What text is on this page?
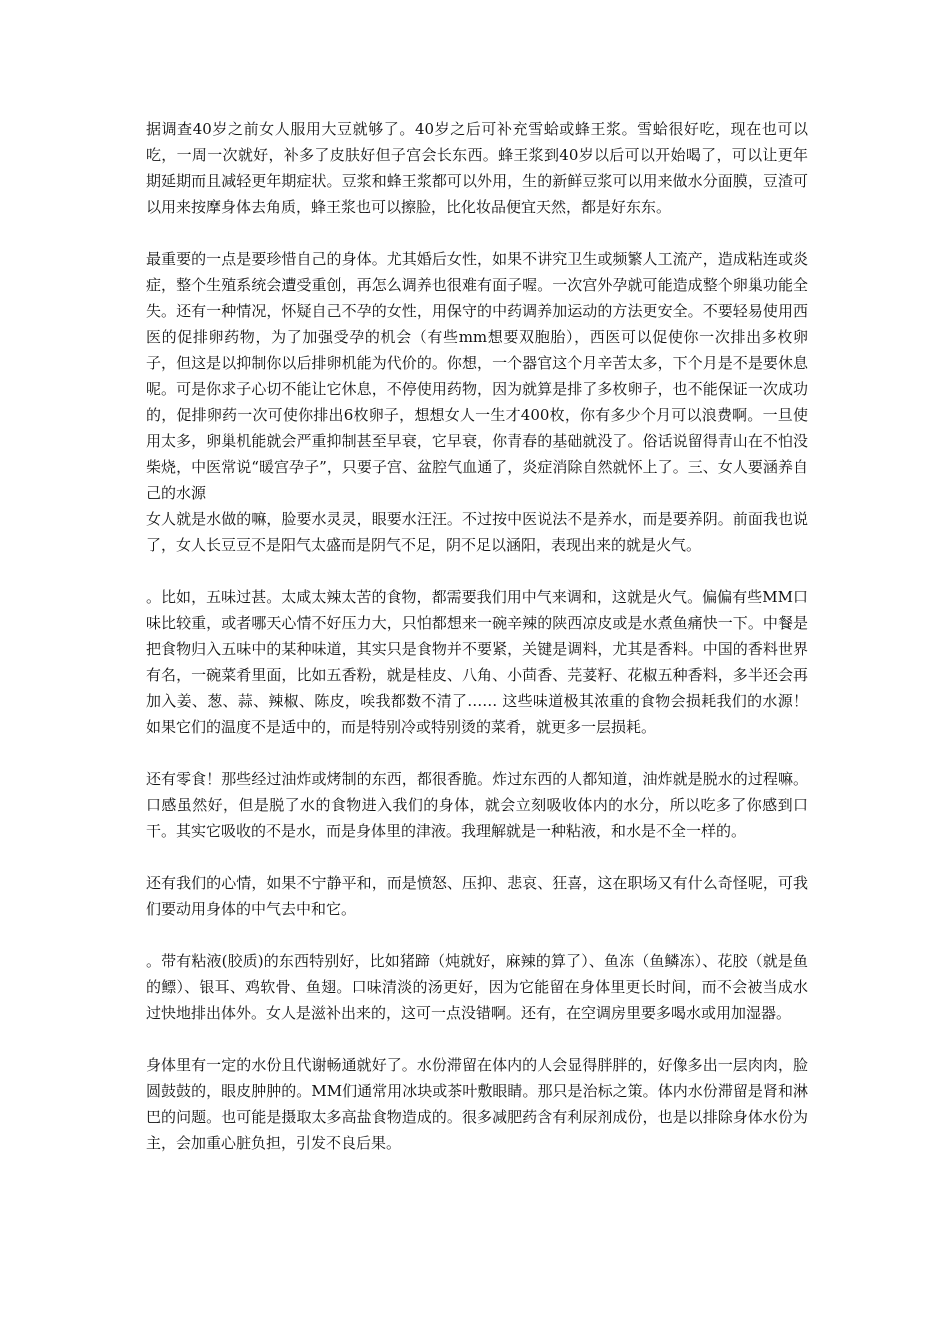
据调查40岁之前女人服用大豆就够了。40岁之后可补充雪蛤或蜂王浆。雪蛤很好吃，现在也可以吃，一周一次就好，补多了皮肤好但子宫会长东西。蜂王浆到40岁以后可以开始喝了，可以让更年期延期而且减轻更年期症状。豆浆和蜂王浆都可以外用，生的新鲜豆浆可以用来做水分面膜，豆渣可以用来按摩身体去角质，蜂王浆也可以擦脸，比化妆品便宜天然，都是好东东。

最重要的一点是要珍惜自己的身体。尤其婚后女性，如果不讲究卫生或频繁人工流产，造成粘连或炎症，整个生殖系统会遭受重创，再怎么调养也很难有面子喔。一次宫外孕就可能造成整个卵巢功能全失。还有一种情况，怀疑自己不孕的女性，用保守的中药调养加运动的方法更安全。不要轻易使用西医的促排卵药物，为了加强受孕的机会（有些mm想要双胞胎），西医可以促使你一次排出多枚卵子，但这是以抑制你以后排卵机能为代价的。你想，一个器官这个月辛苦太多，下个月是不是要休息呢。可是你求子心切不能让它休息，不停使用药物，因为就算是排了多枚卵子，也不能保证一次成功的，促排卵药一次可使你排出6枚卵子，想想女人一生才400枚，你有多少个月可以浪费啊。一旦使用太多，卵巢机能就会严重抑制甚至早衰，它早衰，你青春的基础就没了。俗话说留得青山在不怕没柴烧，中医常说“暖宫孕子”，只要子宫、盆腔气血通了，炎症消除自然就怀上了。三、女人要涵养自己的水源

女人就是水做的嘛，脸要水灵灵，眼要水汪汪。不过按中医说法不是养水，而是要养阴。前面我也说了，女人长豆豆不是阳气太盛而是阴气不足，阴不足以涵阳，表现出来的就是火气。

。比如，五味过甚。太咸太辣太苦的食物，都需要我们用中气来调和，这就是火气。偏偏有些MM口味比较重，或者哪天心情不好压力大，只怕都想来一碗辛辣的陕西凉皮或是水煮鱼痛快一下。中餐是把食物归入五味中的某种味道，其实只是食物并不要紧，关键是调料，尤其是香料。中国的香料世界有名，一碗菜肴里面，比如五香粉，就是桂皮、八角、小茴香、芫荽籽、花椒五种香料，多半还会再加入姜、葱、蒜、辣椒、陈皮，唉我都数不清了…… 这些味道极其浓重的食物会损耗我们的水源！如果它们的温度不是适中的，而是特别冷或特别烫的菜肴，就更多一层损耗。

还有零食！那些经过油炸或烤制的东西，都很香脆。炸过东西的人都知道，油炸就是脱水的过程嘛。口感虽然好，但是脱了水的食物进入我们的身体，就会立刻吸收体内的水分，所以吃多了你感到口干。其实它吸收的不是水，而是身体里的津液。我理解就是一种粘液，和水是不全一样的。

还有我们的心情，如果不宁静平和，而是愤怒、压抑、悲哀、狂喜，这在职场又有什么奇怪呢，可我们要动用身体的中气去中和它。

。带有粘液(胶质)的东西特别好，比如猪蹄（炖就好，麻辣的算了）、鱼冻（鱼鳞冻）、花胶（就是鱼的鳔）、银耳、鸡软骨、鱼翅。口味清淡的汤更好，因为它能留在身体里更长时间，而不会被当成水过快地排出体外。女人是滋补出来的，这可一点没错啊。还有，在空调房里要多喝水或用加湿器。

身体里有一定的水份且代谢畅通就好了。水份滞留在体内的人会显得胖胖的，好像多出一层肉肉，脸圆鼓鼓的，眼皮肿肿的。MM们通常用冰块或茶叶敷眼睛。那只是治标之策。体内水份滞留是肾和淋巴的问题。也可能是摄取太多高盐食物造成的。很多减肥药含有利尿剂成份，也是以排除身体水份为主，会加重心脏负担，引发不良后果。
